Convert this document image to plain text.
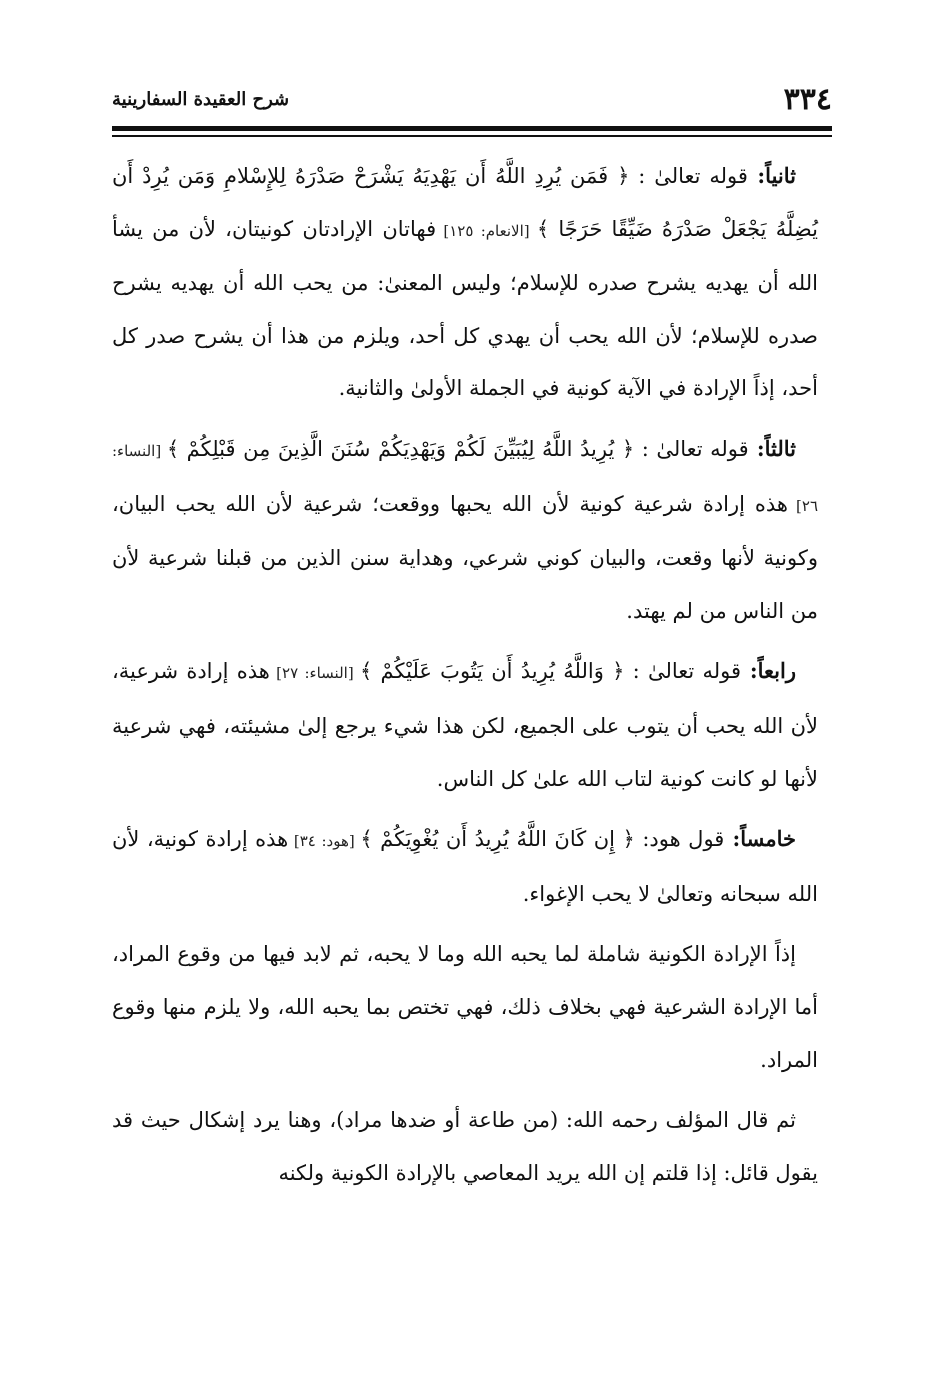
٣٣٤
شرح العقيدة السفارينية

ثانياً: قوله تعالىٰ : ﴿ فَمَن يُرِدِ اللَّهُ أَن يَهْدِيَهُ يَشْرَحْ صَدْرَهُ لِلإِسْلامِ وَمَن يُرِدْ أَن يُضِلَّهُ يَجْعَلْ صَدْرَهُ ضَيِّقًا حَرَجًا ﴾ [الانعام: ١٢٥] فهاتان الإرادتان كونيتان، لأن من يشأ الله أن يهديه يشرح صدره للإسلام؛ وليس المعنىٰ: من يحب الله أن يهديه يشرح صدره للإسلام؛ لأن الله يحب أن يهدي كل أحد، ويلزم من هذا أن يشرح صدر كل أحد، إذاً الإرادة في الآية كونية في الجملة الأولىٰ والثانية.

ثالثاً: قوله تعالىٰ : ﴿ يُرِيدُ اللَّهُ لِيُبَيِّنَ لَكُمْ وَيَهْدِيَكُمْ سُنَنَ الَّذِينَ مِن قَبْلِكُمْ ﴾ [النساء: ٢٦] هذه إرادة شرعية كونية لأن الله يحبها ووقعت؛ شرعية لأن الله يحب البيان، وكونية لأنها وقعت، والبيان كوني شرعي، وهداية سنن الذين من قبلنا شرعية لأن من الناس من لم يهتد.

رابعاً: قوله تعالىٰ : ﴿ وَاللَّهُ يُرِيدُ أَن يَتُوبَ عَلَيْكُمْ ﴾ [النساء: ٢٧] هذه إرادة شرعية، لأن الله يحب أن يتوب على الجميع، لكن هذا شيء يرجع إلىٰ مشيئته، فهي شرعية لأنها لو كانت كونية لتاب الله علىٰ كل الناس.

خامساً: قول هود: ﴿ إِن كَانَ اللَّهُ يُرِيدُ أَن يُغْوِيَكُمْ ﴾ [هود: ٣٤] هذه إرادة كونية، لأن الله سبحانه وتعالىٰ لا يحب الإغواء.

إذاً الإرادة الكونية شاملة لما يحبه الله وما لا يحبه، ثم لابد فيها من وقوع المراد، أما الإرادة الشرعية فهي بخلاف ذلك، فهي تختص بما يحبه الله، ولا يلزم منها وقوع المراد.

ثم قال المؤلف رحمه الله: (من طاعة أو ضدها مراد)، وهنا يرد إشكال حيث قد يقول قائل: إذا قلتم إن الله يريد المعاصي بالإرادة الكونية ولكنه
